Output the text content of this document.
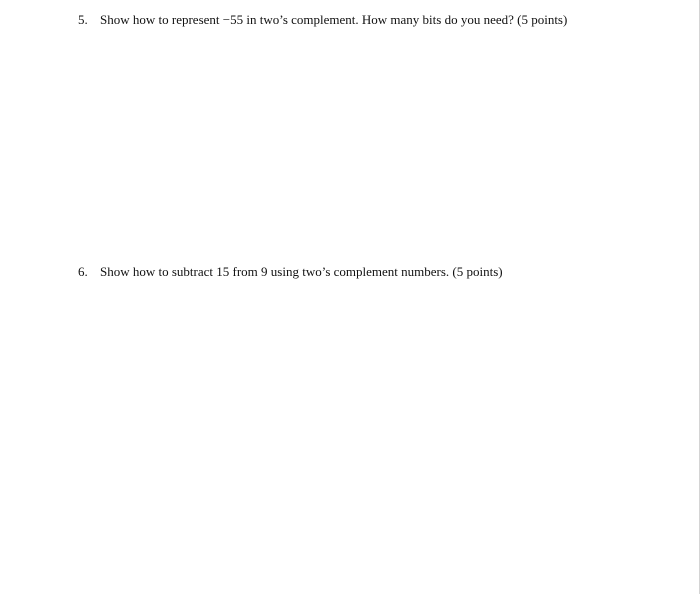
5. Show how to represent −55 in two’s complement. How many bits do you need? (5 points)
6. Show how to subtract 15 from 9 using two’s complement numbers. (5 points)
